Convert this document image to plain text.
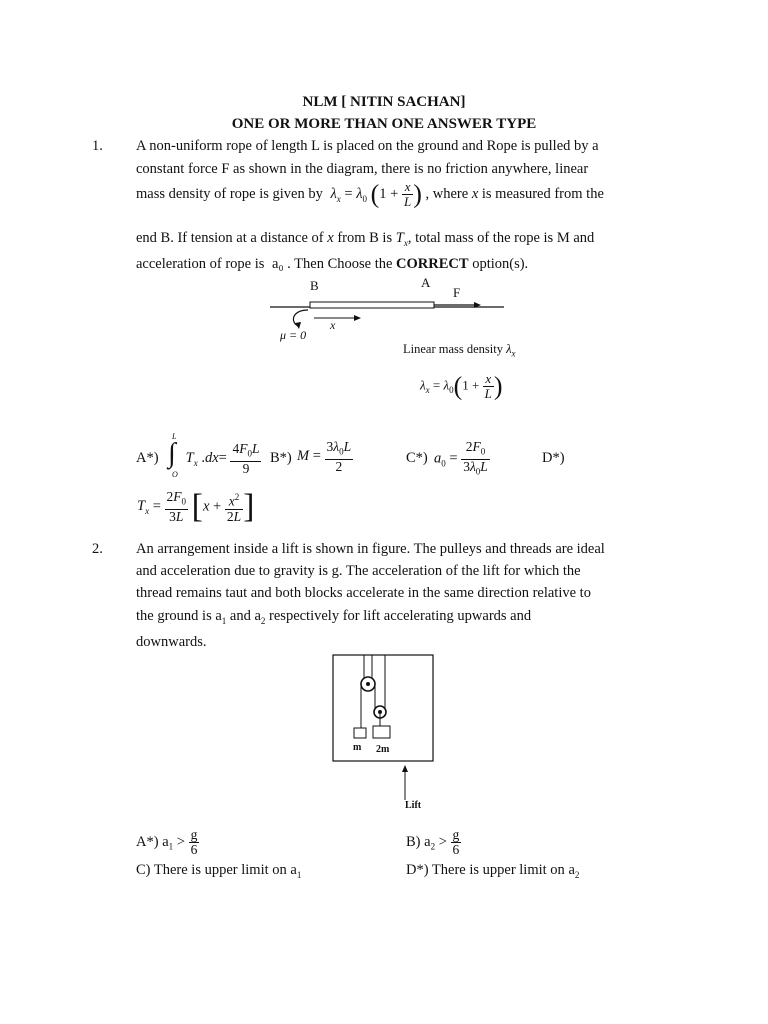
NLM [ NITIN SACHAN]
ONE OR MORE THAN ONE ANSWER TYPE
1. A non-uniform rope of length L is placed on the ground and Rope is pulled by a
constant force F as shown in the diagram, there is no friction anywhere, linear
mass density of rope is given by $\lambda_x = \lambda_0$ ($1 + \frac{x}{L}$ ) , where x is measured from the
end B. If tension at a distance of x from B is $T_x$, total mass of the rope is M and
acceleration of rope is a₀ . Then Choose the CORRECT option(s).
B	A
F
x
μ = 0
Linear mass density $\lambda_x$
$\lambda_x = \lambda_0(1 + \frac{x}{L}$ )
A*)
L
∫
O
$T_x$ $.dx= \frac{4F_0L}{9} B*$) $M = \frac{3\lambda_0L}{2}$	C*) $a_0 = \frac{2F_0}{3\lambda_0L}$	D*)
$T_x = \frac{2F_0}{3L} [x + \frac{x^2}{2L}$ ]
2. An arrangement inside a lift is shown in figure. The pulleys and threads are ideal
and acceleration due to gravity is g. The acceleration of the lift for which the
thread remains taut and both blocks accelerate in the same direction relative to
the ground is $a_1$ and $a_2$ respectively for lift accelerating upwards and
downwards.
m 2m
Lift
A*) $a_1 > \frac{g}{6}$	B) $a_2 > \frac{g}{6}$
C) There is upper limit on $a_1$	D*) There is upper limit on $a_2$
